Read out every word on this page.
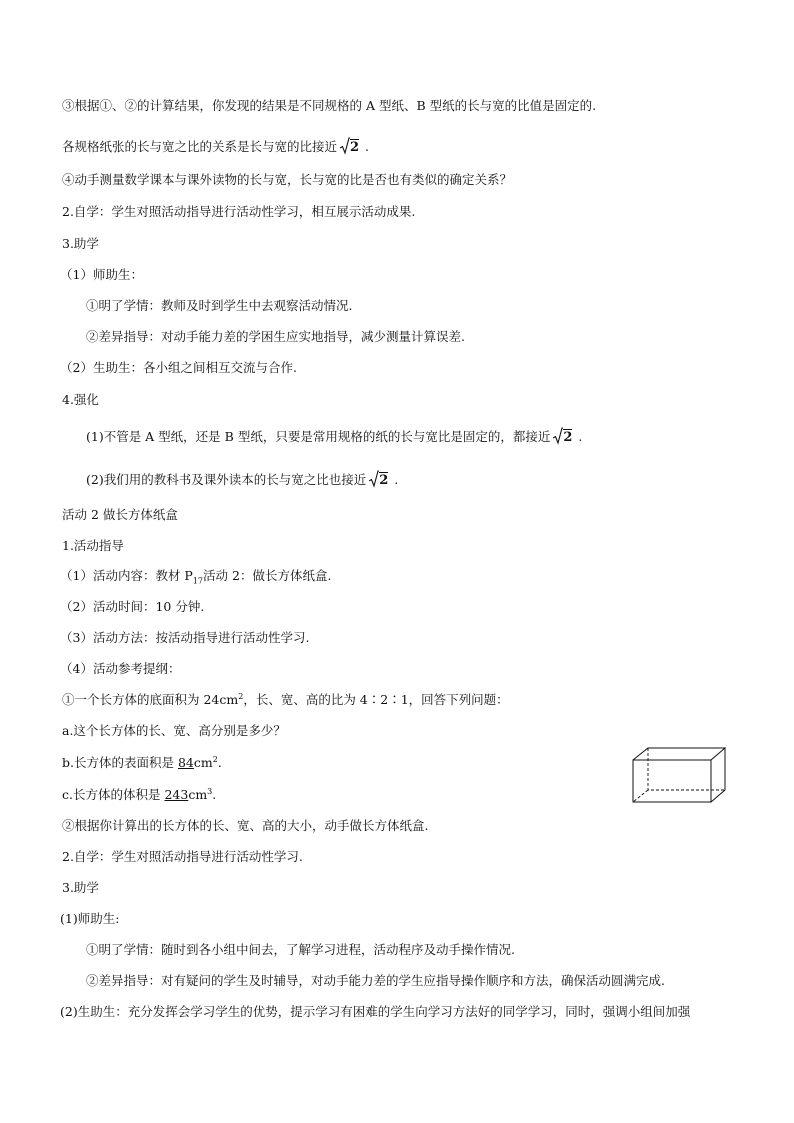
③根据①、②的计算结果，你发现的结果是不同规格的 A 型纸、B 型纸的长与宽的比值是固定的.
各规格纸张的长与宽之比的关系是长与宽的比接近 2 .
④动手测量数学课本与课外读物的长与宽，长与宽的比是否也有类似的确定关系？
2.自学：学生对照活动指导进行活动性学习，相互展示活动成果.
3.助学
（1）师助生：
①明了学情：教师及时到学生中去观察活动情况.
②差异指导：对动手能力差的学困生应实地指导，减少测量计算误差.
（2）生助生：各小组之间相互交流与合作.
4.强化
(1)不管是 A 型纸，还是 B 型纸，只要是常用规格的纸的长与宽比是固定的，都接近 2 .
(2)我们用的教科书及课外读本的长与宽之比也接近 2 .
活动 2 做长方体纸盒
1.活动指导
（1）活动内容：教材 $P_{17}$活动 2：做长方体纸盒.
（2）活动时间：10 分钟.
（3）活动方法：按活动指导进行活动性学习.
（4）活动参考提纲：
①一个长方体的底面积为 $24cm^2$，长、宽、高的比为 4∶2∶1，回答下列问题：
a.这个长方体的长、宽、高分别是多少？
b.长方体的表面积是 $84cm^2$.
c.长方体的体积是 $243cm^3$.
②根据你计算出的长方体的长、宽、高的大小，动手做长方体纸盒.
2.自学：学生对照活动指导进行活动性学习.
3.助学
(1)师助生:
①明了学情：随时到各小组中间去，了解学习进程，活动程序及动手操作情况.
②差异指导：对有疑问的学生及时辅导，对动手能力差的学生应指导操作顺序和方法，确保活动圆满完成.
(2)生助生：充分发挥会学习学生的优势，提示学习有困难的学生向学习方法好的同学学习，同时，强调小组间加强
